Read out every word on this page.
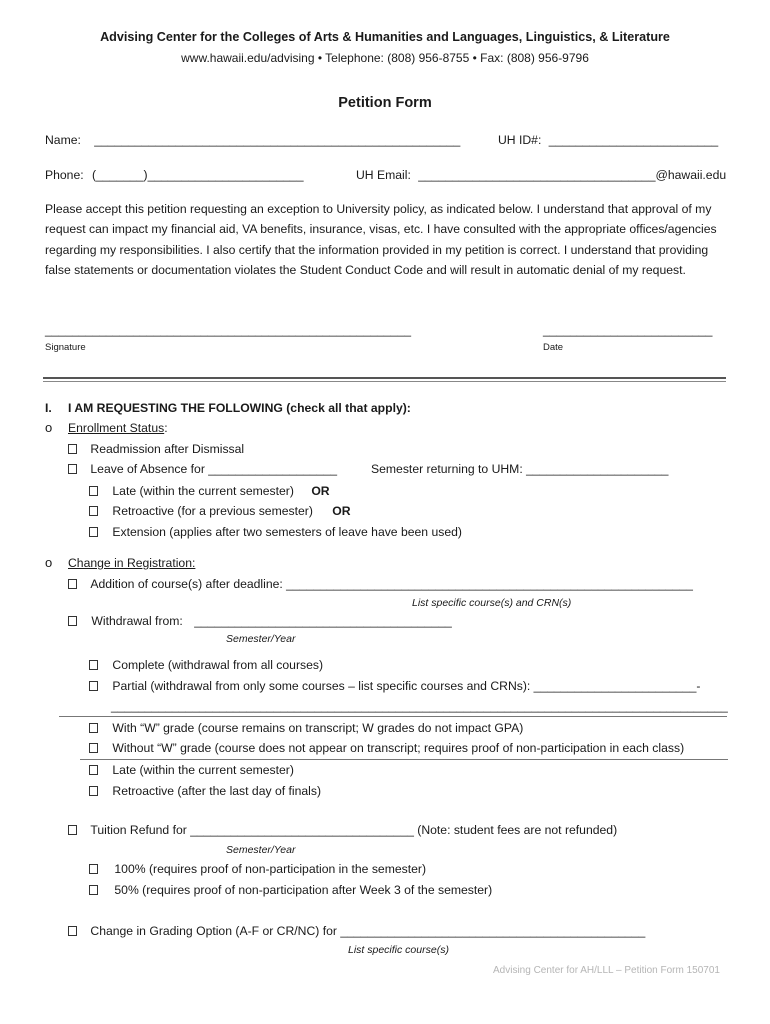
Advising Center for the Colleges of Arts & Humanities and Languages, Linguistics, & Literature
www.hawaii.edu/advising • Telephone: (808) 956-8755 • Fax: (808) 956-9796
Petition Form
Name: ______________________________________________________	UH ID#: _________________________
Phone: (_______)_______________________	UH Email: ___________________________________@hawaii.edu
Please accept this petition requesting an exception to University policy, as indicated below. I understand that approval of my request can impact my financial aid, VA benefits, insurance, visas, etc. I have consulted with the appropriate offices/agencies regarding my responsibilities. I also certify that the information provided in my petition is correct. I understand that providing false statements or documentation violates the Student Conduct Code and will result in automatic denial of my request.
______________________________________________________
Signature
_________________________
Date
I. I AM REQUESTING THE FOLLOWING (check all that apply):
o Enrollment Status:
Readmission after Dismissal
Leave of Absence for ___________________	Semester returning to UHM: _____________________
Late (within the current semester) OR
Retroactive (for a previous semester) OR
Extension (applies after two semesters of leave have been used)
o Change in Registration:
Addition of course(s) after deadline: ____________________________________________________________
List specific course(s) and CRN(s)
Withdrawal from: ______________________________________
Semester/Year
Complete (withdrawal from all courses)
Partial (withdrawal from only some courses – list specific courses and CRNs): ________________________-
___________________________________________________________________________________________
With “W” grade (course remains on transcript; W grades do not impact GPA)
Without “W” grade (course does not appear on transcript; requires proof of non-participation in each class)
Late (within the current semester)
Retroactive (after the last day of finals)
Tuition Refund for _________________________________ (Note: student fees are not refunded)
Semester/Year
100% (requires proof of non-participation in the semester)
50% (requires proof of non-participation after Week 3 of the semester)
Change in Grading Option (A-F or CR/NC) for _____________________________________________
List specific course(s)
Advising Center for AH/LLL – Petition Form 150701
